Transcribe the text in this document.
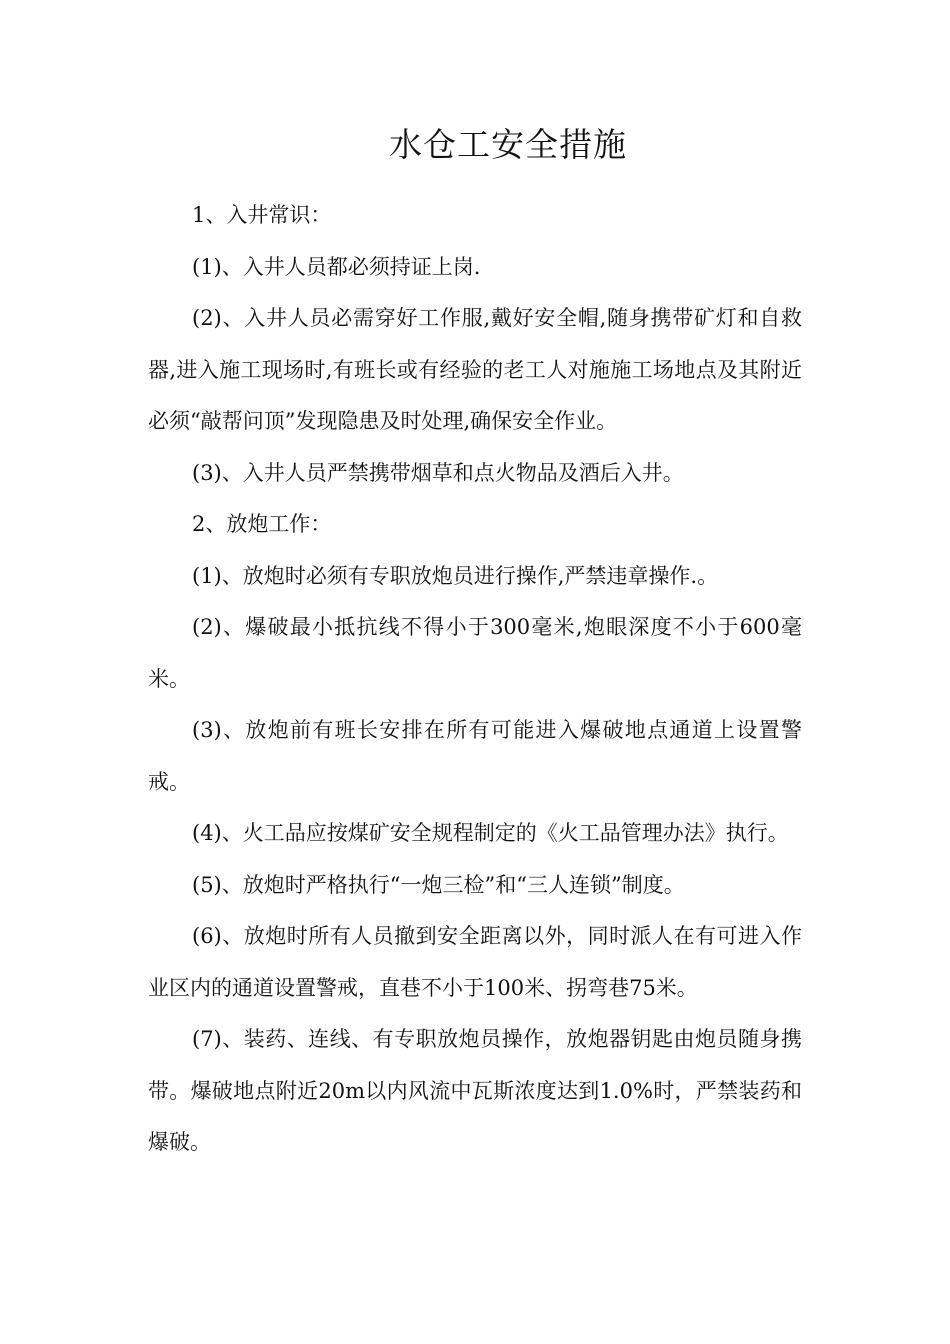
水仓工安全措施

1、入井常识：

(1)、入井人员都必须持证上岗.

(2)、入井人员必需穿好工作服,戴好安全帽,随身携带矿灯和自救器,进入施工现场时,有班长或有经验的老工人对施施工场地点及其附近必须“敲帮问顶”发现隐患及时处理,确保安全作业。

(3)、入井人员严禁携带烟草和点火物品及酒后入井。

2、放炮工作：

(1)、放炮时必须有专职放炮员进行操作,严禁违章操作.。

(2)、爆破最小抵抗线不得小于300毫米,炮眼深度不小于600毫米。

(3)、放炮前有班长安排在所有可能进入爆破地点通道上设置警戒。

(4)、火工品应按煤矿安全规程制定的《火工品管理办法》执行。

(5)、放炮时严格执行“一炮三检”和“三人连锁”制度。

(6)、放炮时所有人员撤到安全距离以外，同时派人在有可进入作业区内的通道设置警戒，直巷不小于100米、拐弯巷75米。

(7)、装药、连线、有专职放炮员操作，放炮器钥匙由炮员随身携带。爆破地点附近20m以内风流中瓦斯浓度达到1.0%时，严禁装药和爆破。
